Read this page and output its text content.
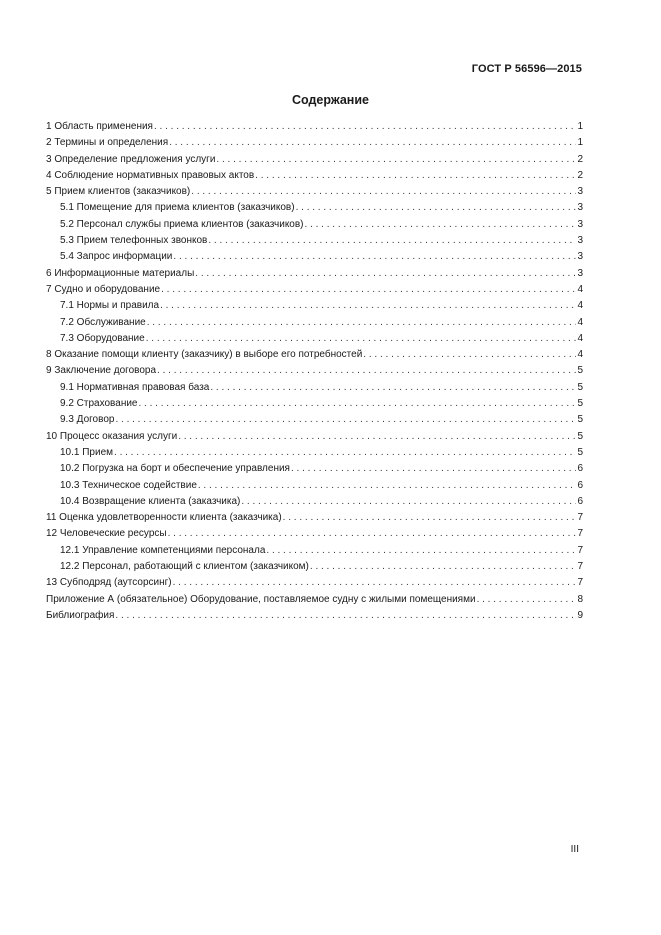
ГОСТ Р 56596—2015
Содержание
1 Область применения . . .	1
2 Термины и определения . . .	1
3 Определение предложения услуги . . .	2
4 Соблюдение нормативных правовых актов . . .	2
5 Прием клиентов (заказчиков) . . .	3
5.1 Помещение для приема клиентов (заказчиков) . . .	3
5.2 Персонал службы приема клиентов (заказчиков) . . .	3
5.3 Прием телефонных звонков . . .	3
5.4 Запрос информации . . .	3
6 Информационные материалы . . .	3
7 Судно и оборудование . . .	4
7.1 Нормы и правила . . .	4
7.2 Обслуживание . . .	4
7.3 Оборудование . . .	4
8 Оказание помощи клиенту (заказчику) в выборе его потребностей . . .	4
9 Заключение договора . . .	5
9.1 Нормативная правовая база . . .	5
9.2 Страхование . . .	5
9.3 Договор . . .	5
10 Процесс оказания услуги . . .	5
10.1 Прием . . .	5
10.2 Погрузка на борт и обеспечение управления . . .	6
10.3 Техническое содействие . . .	6
10.4 Возвращение клиента (заказчика) . . .	6
11 Оценка удовлетворенности клиента (заказчика) . . .	7
12 Человеческие ресурсы . . .	7
12.1 Управление компетенциями персонала . . .	7
12.2 Персонал, работающий с клиентом (заказчиком) . . .	7
13 Субподряд (аутсорсинг) . . .	7
Приложение А (обязательное) Оборудование, поставляемое судну с жилыми помещениями . . .	8
Библиография . . .	9
III
